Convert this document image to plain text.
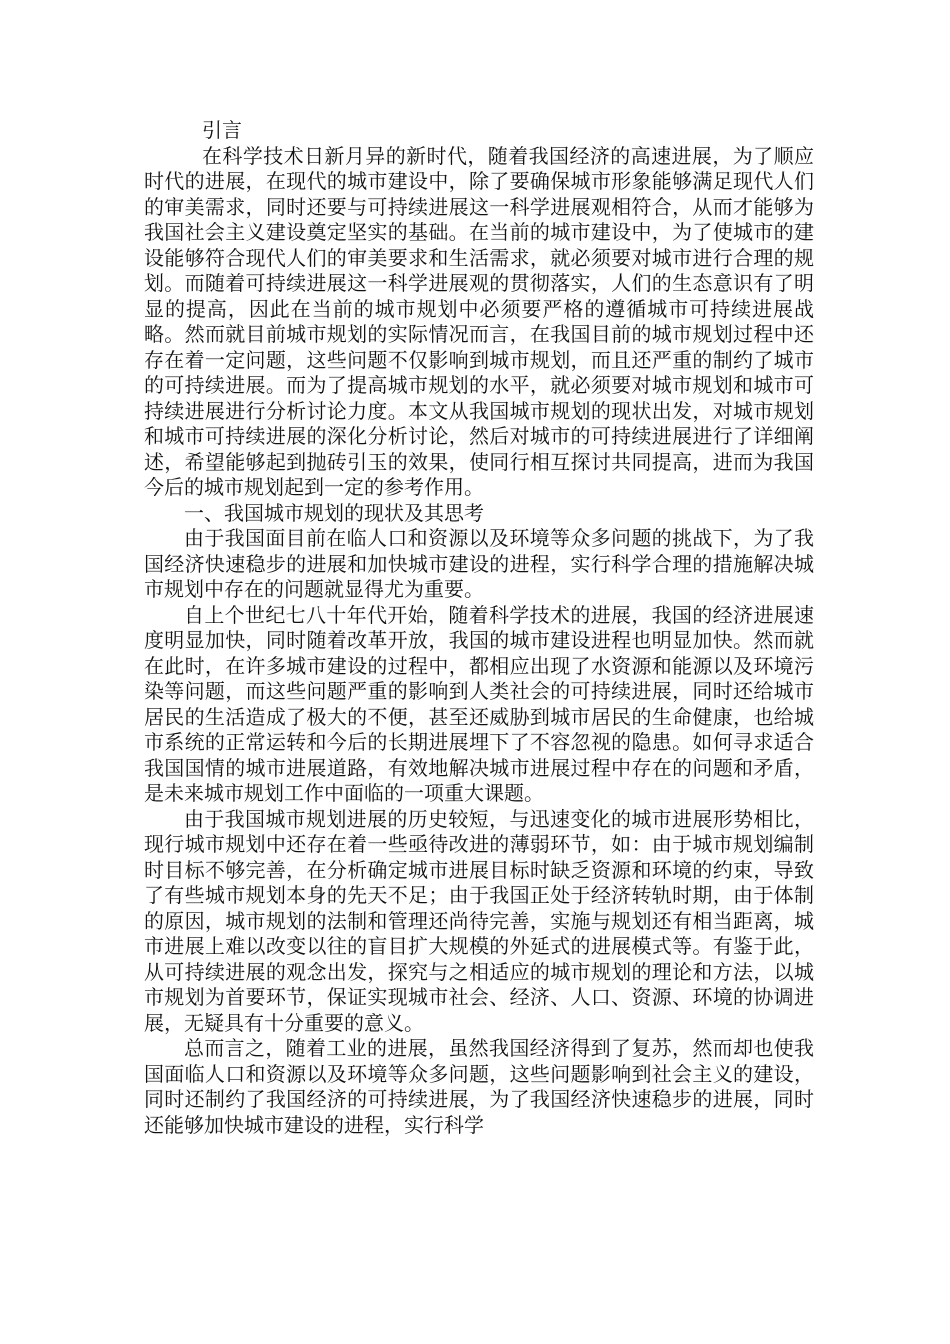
引言

在科学技术日新月异的新时代，随着我国经济的高速进展，为了顺应时代的进展，在现代的城市建设中，除了要确保城市形象能够满足现代人们的审美需求，同时还要与可持续进展这一科学进展观相符合，从而才能够为我国社会主义建设奠定坚实的基础。在当前的城市建设中，为了使城市的建设能够符合现代人们的审美要求和生活需求，就必须要对城市进行合理的规划。而随着可持续进展这一科学进展观的贯彻落实，人们的生态意识有了明显的提高，因此在当前的城市规划中必须要严格的遵循城市可持续进展战略。然而就目前城市规划的实际情况而言，在我国目前的城市规划过程中还存在着一定问题，这些问题不仅影响到城市规划，而且还严重的制约了城市的可持续进展。而为了提高城市规划的水平，就必须要对城市规划和城市可持续进展进行分析讨论力度。本文从我国城市规划的现状出发，对城市规划和城市可持续进展的深化分析讨论，然后对城市的可持续进展进行了详细阐述，希望能够起到抛砖引玉的效果，使同行相互探讨共同提高，进而为我国今后的城市规划起到一定的参考作用。

一、我国城市规划的现状及其思考

由于我国面目前在临人口和资源以及环境等众多问题的挑战下，为了我国经济快速稳步的进展和加快城市建设的进程，实行科学合理的措施解决城市规划中存在的问题就显得尤为重要。

自上个世纪七八十年代开始，随着科学技术的进展，我国的经济进展速度明显加快，同时随着改革开放，我国的城市建设进程也明显加快。然而就在此时，在许多城市建设的过程中，都相应出现了水资源和能源以及环境污染等问题，而这些问题严重的影响到人类社会的可持续进展，同时还给城市居民的生活造成了极大的不便，甚至还威胁到城市居民的生命健康，也给城市系统的正常运转和今后的长期进展埋下了不容忽视的隐患。如何寻求适合我国国情的城市进展道路，有效地解决城市进展过程中存在的问题和矛盾，是未来城市规划工作中面临的一项重大课题。

由于我国城市规划进展的历史较短，与迅速变化的城市进展形势相比，现行城市规划中还存在着一些亟待改进的薄弱环节，如：由于城市规划编制时目标不够完善，在分析确定城市进展目标时缺乏资源和环境的约束，导致了有些城市规划本身的先天不足；由于我国正处于经济转轨时期，由于体制的原因，城市规划的法制和管理还尚待完善，实施与规划还有相当距离，城市进展上难以改变以往的盲目扩大规模的外延式的进展模式等。有鉴于此，从可持续进展的观念出发，探究与之相适应的城市规划的理论和方法，以城市规划为首要环节，保证实现城市社会、经济、人口、资源、环境的协调进展，无疑具有十分重要的意义。

总而言之，随着工业的进展，虽然我国经济得到了复苏，然而却也使我国面临人口和资源以及环境等众多问题，这些问题影响到社会主义的建设，同时还制约了我国经济的可持续进展，为了我国经济快速稳步的进展，同时还能够加快城市建设的进程，实行科学
